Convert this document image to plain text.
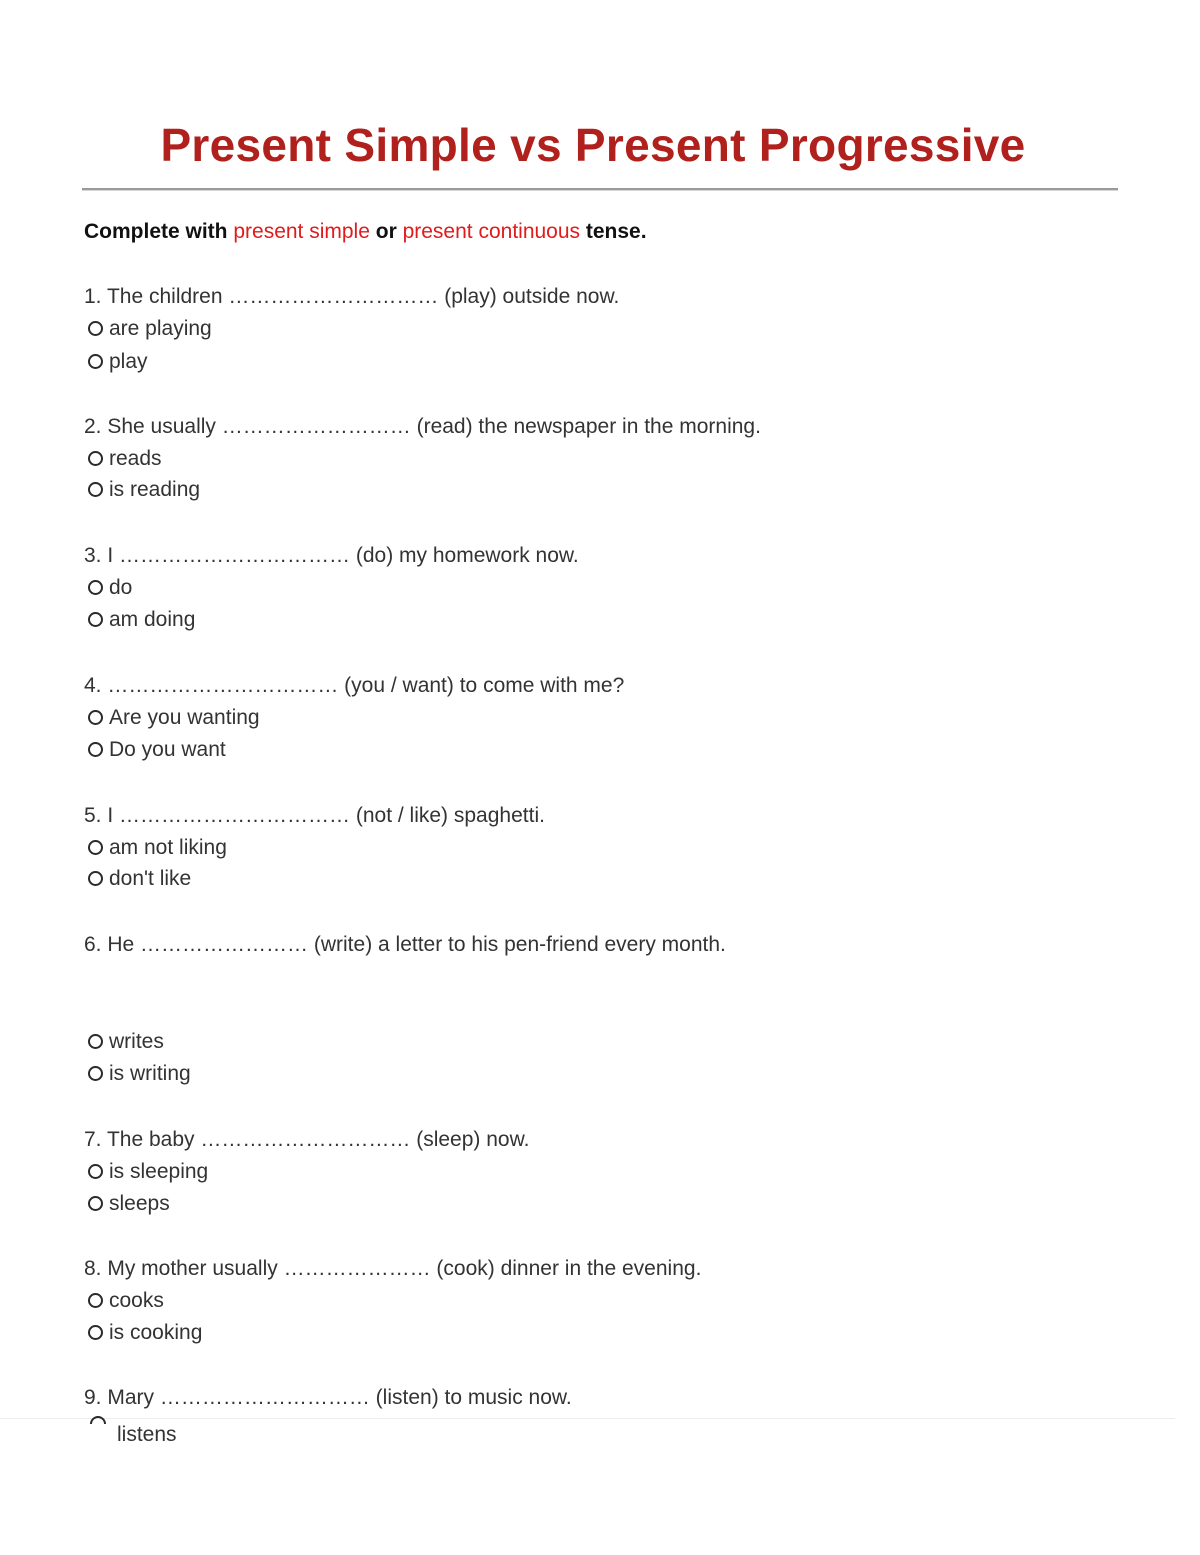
Present Simple vs Present Progressive
Complete with present simple or present continuous tense.
1. The children ………………………… (play) outside now.
are playing
play
2. She usually ……………………… (read) the newspaper in the morning.
reads
is reading
3. I …………………………… (do) my homework now.
do
am doing
4. …………………………… (you / want) to come with me?
Are you wanting
Do you want
5. I …………………………… (not / like) spaghetti.
am not liking
don't like
6. He …………………… (write) a letter to his pen-friend every month.
writes
is writing
7. The baby ………………………… (sleep) now.
is sleeping
sleeps
8. My mother usually ………………… (cook) dinner in the evening.
cooks
is cooking
9. Mary ………………………… (listen) to music now.
listens
